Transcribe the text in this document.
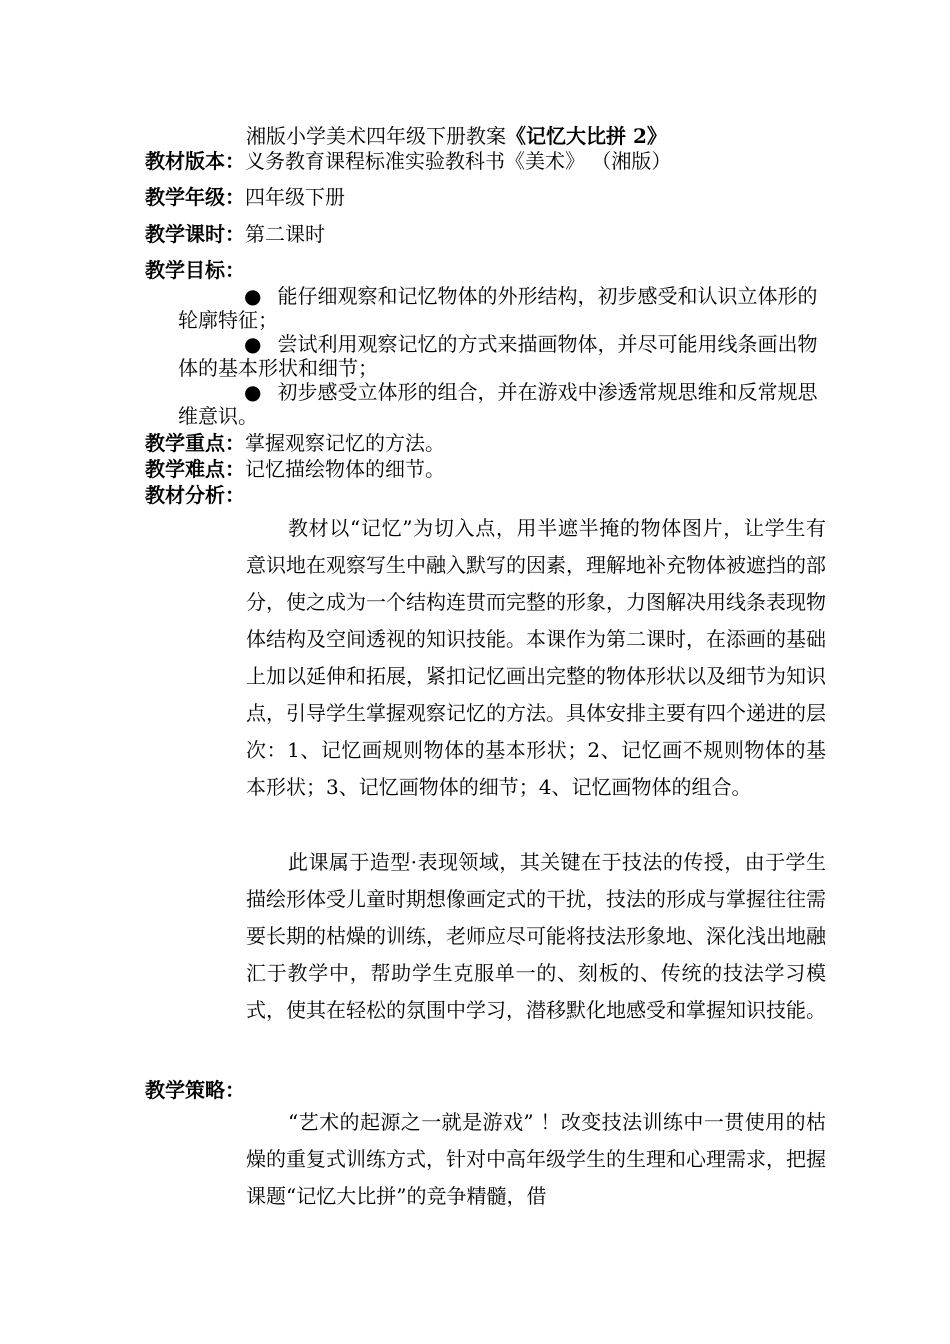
湘版小学美术四年级下册教案《记忆大比拼 2》
教材版本：义务教育课程标准实验教科书《美术》 （湘版）
教学年级：四年级下册
教学课时：第二课时
教学目标：
● 能仔细观察和记忆物体的外形结构，初步感受和认识立体形的轮廓特征；
● 尝试利用观察记忆的方式来描画物体，并尽可能用线条画出物体的基本形状和细节；
● 初步感受立体形的组合，并在游戏中渗透常规思维和反常规思维意识。
教学重点：掌握观察记忆的方法。
教学难点：记忆描绘物体的细节。
教材分析：

教材以“记忆”为切入点，用半遮半掩的物体图片，让学生有意识地在观察写生中融入默写的因素，理解地补充物体被遮挡的部分，使之成为一个结构连贯而完整的形象，力图解决用线条表现物体结构及空间透视的知识技能。本课作为第二课时，在添画的基础上加以延伸和拓展，紧扣记忆画出完整的物体形状以及细节为知识点，引导学生掌握观察记忆的方法。具体安排主要有四个递进的层次：1、记忆画规则物体的基本形状；2、记忆画不规则物体的基本形状；3、记忆画物体的细节；4、记忆画物体的组合。

此课属于造型·表现领域，其关键在于技法的传授，由于学生描绘形体受儿童时期想像画定式的干扰，技法的形成与掌握往往需要长期的枯燥的训练，老师应尽可能将技法形象地、深化浅出地融汇于教学中，帮助学生克服单一的、刻板的、传统的技法学习模式，使其在轻松的氛围中学习，潜移默化地感受和掌握知识技能。

教学策略：

“艺术的起源之一就是游戏” ！改变技法训练中一贯使用的枯燥的重复式训练方式，针对中高年级学生的生理和心理需求，把握课题“记忆大比拼”的竞争精髓，借
